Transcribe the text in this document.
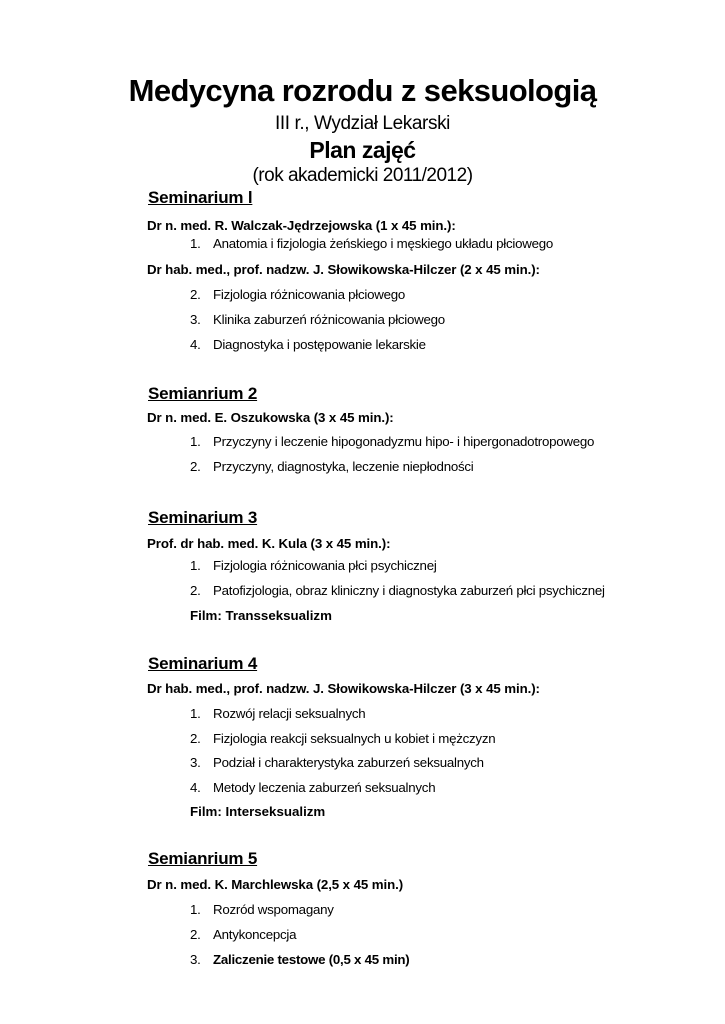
Medycyna rozrodu z seksuologią

III r., Wydział Lekarski

Plan zajęć

(rok akademicki 2011/2012)

Seminarium l
Dr n. med. R. Walczak-Jędrzejowska (1 x 45 min.):
1. Anatomia i fizjologia żeńskiego i męskiego układu płciowego
Dr hab. med., prof. nadzw. J. Słowikowska-Hilczer (2 x 45 min.):
2. Fizjologia różnicowania płciowego
3. Klinika zaburzeń różnicowania płciowego
4. Diagnostyka i postępowanie lekarskie
Semianrium 2
Dr n. med. E. Oszukowska (3 x 45 min.):
1. Przyczyny i leczenie hipogonadyzmu hipo- i hipergonadotropowego
2. Przyczyny, diagnostyka, leczenie niepłodności
Seminarium 3
Prof. dr hab. med. K. Kula (3 x 45 min.):
1. Fizjologia różnicowania płci psychicznej
2. Patofizjologia, obraz kliniczny i diagnostyka zaburzeń płci psychicznej
Film: Transseksualizm
Seminarium 4
Dr hab. med., prof. nadzw. J. Słowikowska-Hilczer (3 x 45 min.):
1. Rozwój relacji seksualnych
2. Fizjologia reakcji seksualnych u kobiet i mężczyzn
3. Podział i charakterystyka zaburzeń seksualnych
4. Metody leczenia zaburzeń seksualnych
Film: Interseksualizm
Semianrium 5
Dr n. med. K. Marchlewska (2,5 x 45 min.)
1. Rozród wspomagany
2. Antykoncepcja
3. Zaliczenie testowe (0,5 x 45 min)
